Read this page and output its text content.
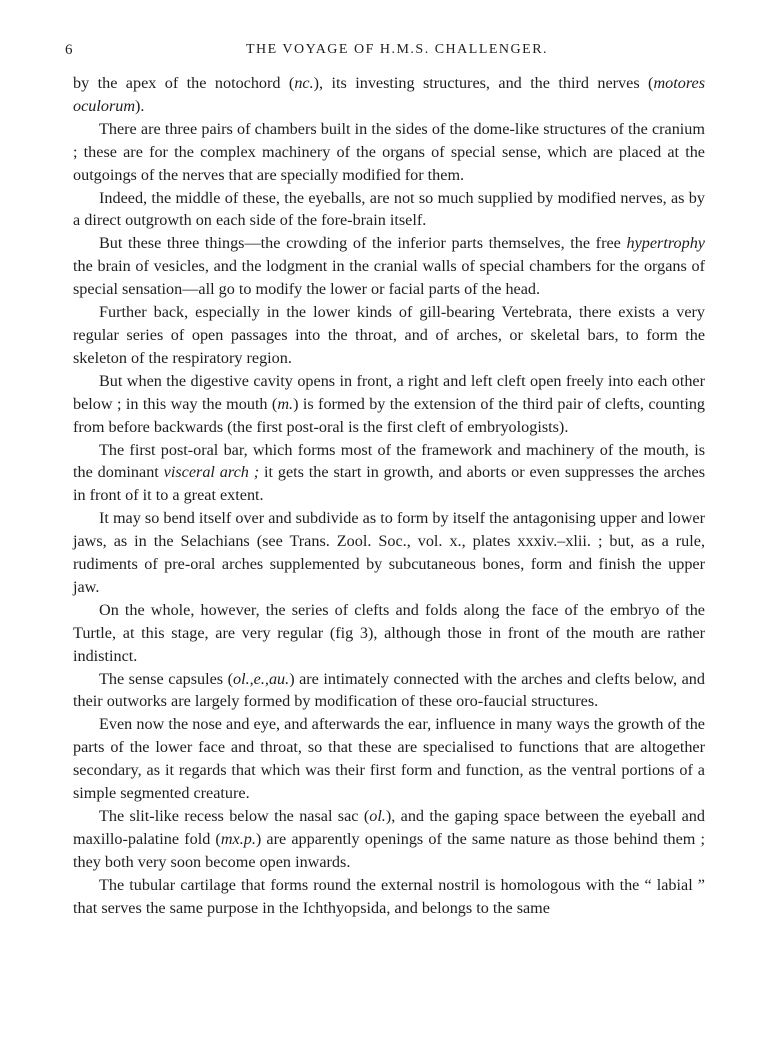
6	THE VOYAGE OF H.M.S. CHALLENGER.

by the apex of the notochord (nc.), its investing structures, and the third nerves (motores oculorum).

There are three pairs of chambers built in the sides of the dome-like structures of the cranium ; these are for the complex machinery of the organs of special sense, which are placed at the outgoings of the nerves that are specially modified for them.

Indeed, the middle of these, the eyeballs, are not so much supplied by modified nerves, as by a direct outgrowth on each side of the fore-brain itself.

But these three things—the crowding of the inferior parts themselves, the free hypertrophy the brain of vesicles, and the lodgment in the cranial walls of special chambers for the organs of special sensation—all go to modify the lower or facial parts of the head.

Further back, especially in the lower kinds of gill-bearing Vertebrata, there exists a very regular series of open passages into the throat, and of arches, or skeletal bars, to form the skeleton of the respiratory region.

But when the digestive cavity opens in front, a right and left cleft open freely into each other below ; in this way the mouth (m.) is formed by the extension of the third pair of clefts, counting from before backwards (the first post-oral is the first cleft of embryologists).

The first post-oral bar, which forms most of the framework and machinery of the mouth, is the dominant visceral arch ; it gets the start in growth, and aborts or even suppresses the arches in front of it to a great extent.

It may so bend itself over and subdivide as to form by itself the antagonising upper and lower jaws, as in the Selachians (see Trans. Zool. Soc., vol. x., plates xxxiv.–xlii. ; but, as a rule, rudiments of pre-oral arches supplemented by subcutaneous bones, form and finish the upper jaw.

On the whole, however, the series of clefts and folds along the face of the embryo of the Turtle, at this stage, are very regular (fig 3), although those in front of the mouth are rather indistinct.

The sense capsules (ol.,e.,au.) are intimately connected with the arches and clefts below, and their outworks are largely formed by modification of these oro-faucial structures.

Even now the nose and eye, and afterwards the ear, influence in many ways the growth of the parts of the lower face and throat, so that these are specialised to functions that are altogether secondary, as it regards that which was their first form and function, as the ventral portions of a simple segmented creature.

The slit-like recess below the nasal sac (ol.), and the gaping space between the eyeball and maxillo-palatine fold (mx.p.) are apparently openings of the same nature as those behind them ; they both very soon become open inwards.

The tubular cartilage that forms round the external nostril is homologous with the “ labial ” that serves the same purpose in the Ichthyopsida, and belongs to the same
